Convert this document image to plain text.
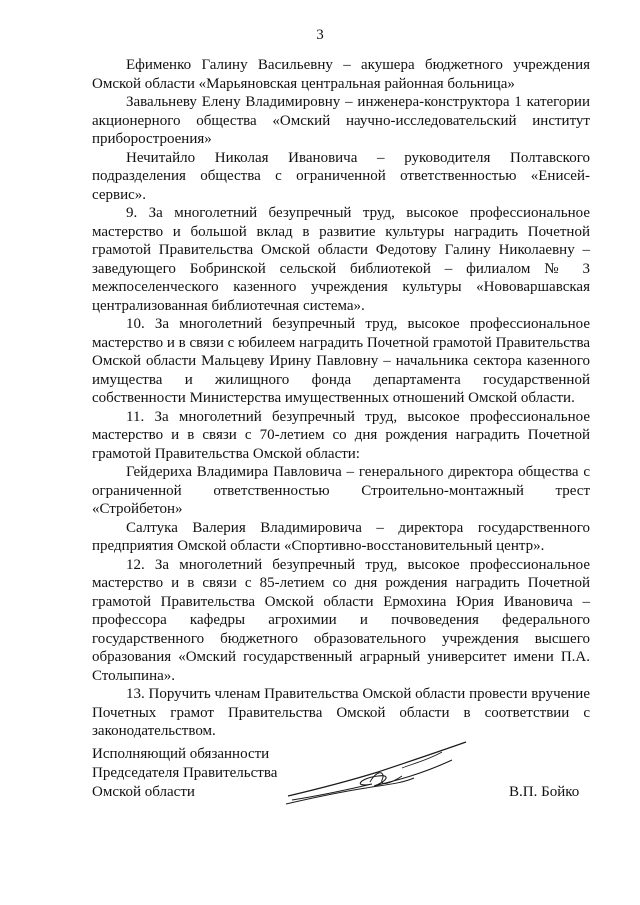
3

Ефименко Галину Васильевну – акушера бюджетного учреждения Омской области «Марьяновская центральная районная больница»

Завальневу Елену Владимировну – инженера-конструктора 1 категории акционерного общества «Омский научно-исследовательский институт приборостроения»

Нечитайло Николая Ивановича – руководителя Полтавского подразделения общества с ограниченной ответственностью «Енисей-сервис».

9. За многолетний безупречный труд, высокое профессиональное мастерство и большой вклад в развитие культуры наградить Почетной грамотой Правительства Омской области Федотову Галину Николаевну – заведующего Бобринской сельской библиотекой – филиалом № 3 межпоселенческого казенного учреждения культуры «Нововаршавская централизованная библиотечная система».

10. За многолетний безупречный труд, высокое профессиональное мастерство и в связи с юбилеем наградить Почетной грамотой Правительства Омской области Мальцеву Ирину Павловну – начальника сектора казенного имущества и жилищного фонда департамента государственной собственности Министерства имущественных отношений Омской области.

11. За многолетний безупречный труд, высокое профессиональное мастерство и в связи с 70-летием со дня рождения наградить Почетной грамотой Правительства Омской области:

Гейдериха Владимира Павловича – генерального директора общества с ограниченной ответственностью Строительно-монтажный трест «Стройбетон»

Салтука Валерия Владимировича – директора государственного предприятия Омской области «Спортивно-восстановительный центр».

12. За многолетний безупречный труд, высокое профессиональное мастерство и в связи с 85-летием со дня рождения наградить Почетной грамотой Правительства Омской области Ермохина Юрия Ивановича – профессора кафедры агрохимии и почвоведения федерального государственного бюджетного образовательного учреждения высшего образования «Омский государственный аграрный университет имени П.А. Столыпина».

13. Поручить членам Правительства Омской области провести вручение Почетных грамот Правительства Омской области в соответствии с законодательством.

Исполняющий обязанности
Председателя Правительства
Омской области	В.П. Бойко
